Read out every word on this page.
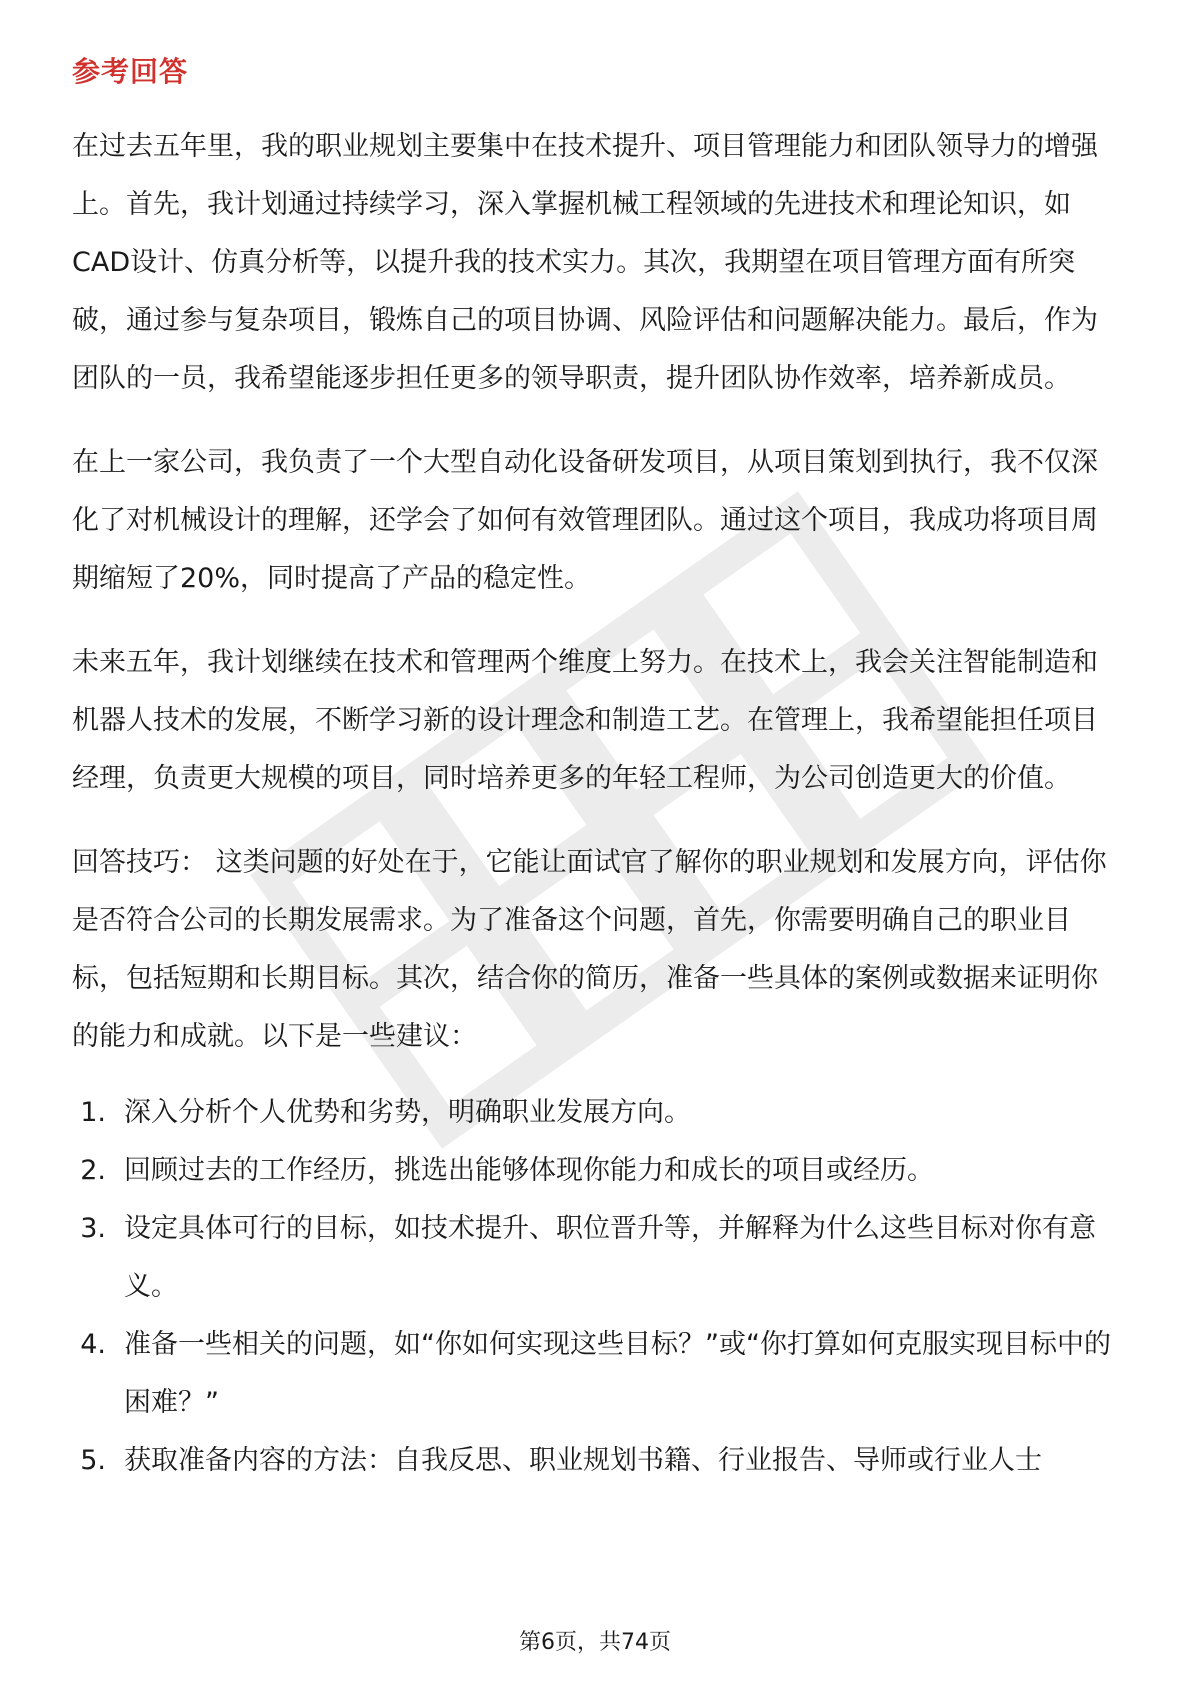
参考回答

在过去五年里，我的职业规划主要集中在技术提升、项目管理能力和团队领导力的增强上。首先，我计划通过持续学习，深入掌握机械工程领域的先进技术和理论知识，如CAD设计、仿真分析等，以提升我的技术实力。其次，我期望在项目管理方面有所突破，通过参与复杂项目，锻炼自己的项目协调、风险评估和问题解决能力。最后，作为团队的一员，我希望能逐步担任更多的领导职责，提升团队协作效率，培养新成员。

在上一家公司，我负责了一个大型自动化设备研发项目，从项目策划到执行，我不仅深化了对机械设计的理解，还学会了如何有效管理团队。通过这个项目，我成功将项目周期缩短了20%，同时提高了产品的稳定性。

未来五年，我计划继续在技术和管理两个维度上努力。在技术上，我会关注智能制造和机器人技术的发展，不断学习新的设计理念和制造工艺。在管理上，我希望能担任项目经理，负责更大规模的项目，同时培养更多的年轻工程师，为公司创造更大的价值。

回答技巧： 这类问题的好处在于，它能让面试官了解你的职业规划和发展方向，评估你是否符合公司的长期发展需求。为了准备这个问题，首先，你需要明确自己的职业目标，包括短期和长期目标。其次，结合你的简历，准备一些具体的案例或数据来证明你的能力和成就。以下是一些建议：

1. 深入分析个人优势和劣势，明确职业发展方向。
2. 回顾过去的工作经历，挑选出能够体现你能力和成长的项目或经历。
3. 设定具体可行的目标，如技术提升、职位晋升等，并解释为什么这些目标对你有意义。
4. 准备一些相关的问题，如“你如何实现这些目标？”或“你打算如何克服实现目标中的困难？”
5. 获取准备内容的方法：自我反思、职业规划书籍、行业报告、导师或行业人士
第6页，共74页
